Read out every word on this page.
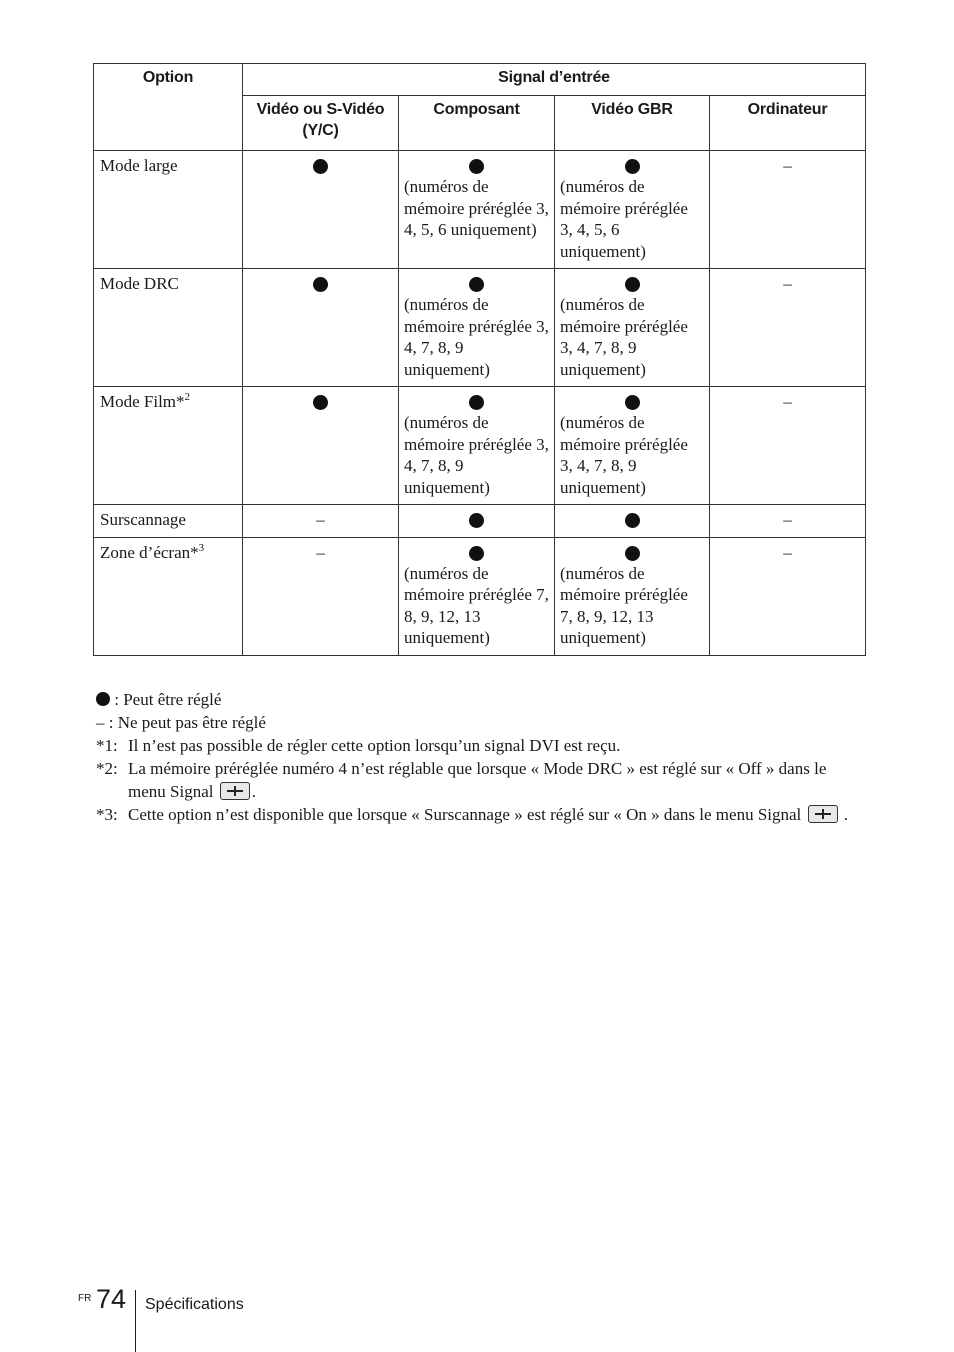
Option	Signal d’entrée			
	Vidéo ou S-Vidéo (Y/C)	Composant	Vidéo GBR	Ordinateur
Mode large		(numéros de mémoire préréglée 3, 4, 5, 6 uniquement)	(numéros de mémoire préréglée 3, 4, 5, 6 uniquement)	–

Mode DRC		(numéros de mémoire préréglée 3, 4, 7, 8, 9 uniquement)	(numéros de mémoire préréglée 3, 4, 7, 8, 9 uniquement)	–

Mode Film*$^2$		(numéros de mémoire préréglée 3, 4, 7, 8, 9 uniquement)	(numéros de mémoire préréglée 3, 4, 7, 8, 9 uniquement)	–

Surscannage	–			–

Zone d’écran*$^3$	–	(numéros de mémoire préréglée 7, 8, 9, 12, 13 uniquement)	(numéros de mémoire préréglée 7, 8, 9, 12, 13 uniquement)	–
: Peut être réglé
– : Ne peut pas être réglé
*1: Il n’est pas possible de régler cette option lorsqu’un signal DVI est reçu.
*2: La mémoire préréglée numéro 4 n’est réglable que lorsque « Mode DRC » est réglé sur « Off » dans le menu Signal .
*3: Cette option n’est disponible que lorsque « Surscannage » est réglé sur « On » dans le menu Signal	.
FR 74 Spécifications
